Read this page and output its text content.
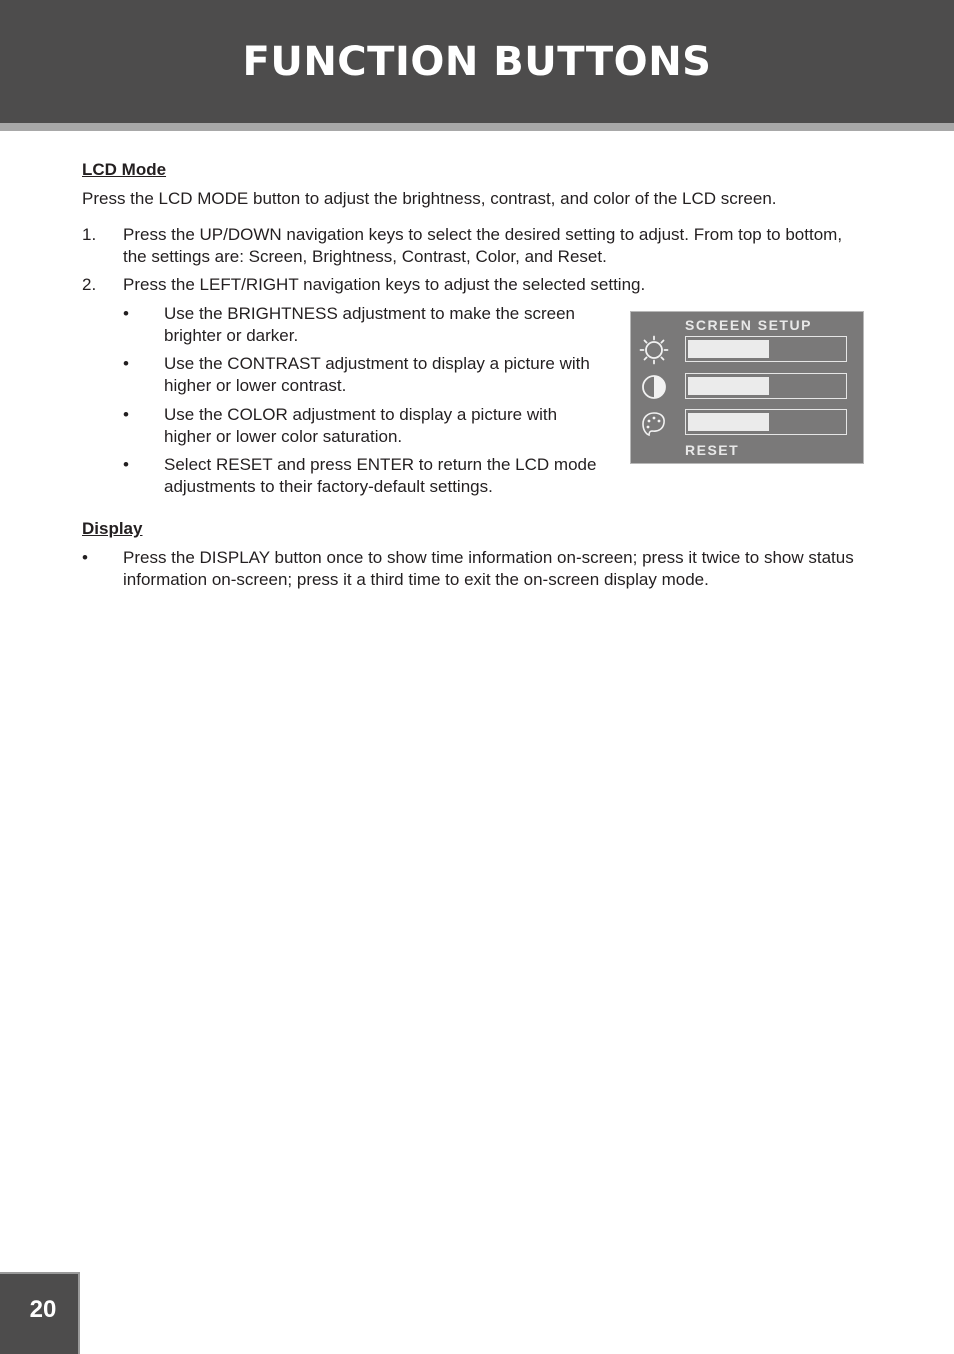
FUNCTION BUTTONS
LCD Mode
Press the LCD MODE button to adjust the brightness, contrast, and color of the LCD screen.
1. Press the UP/DOWN navigation keys to select the desired setting to adjust. From top to bottom, the settings are: Screen, Brightness, Contrast, Color, and Reset.
2. Press the LEFT/RIGHT navigation keys to adjust the selected setting.
• Use the BRIGHTNESS adjustment to make the screen brighter or darker.
• Use the CONTRAST adjustment to display a picture with higher or lower contrast.
• Use the COLOR adjustment to display a picture with higher or lower color saturation.
• Select RESET and press ENTER to return the LCD mode adjustments to their factory-default settings.
SCREEN SETUP
RESET
Display
• Press the DISPLAY button once to show time information on-screen; press it twice to show status information on-screen; press it a third time to exit the on-screen display mode.
20
